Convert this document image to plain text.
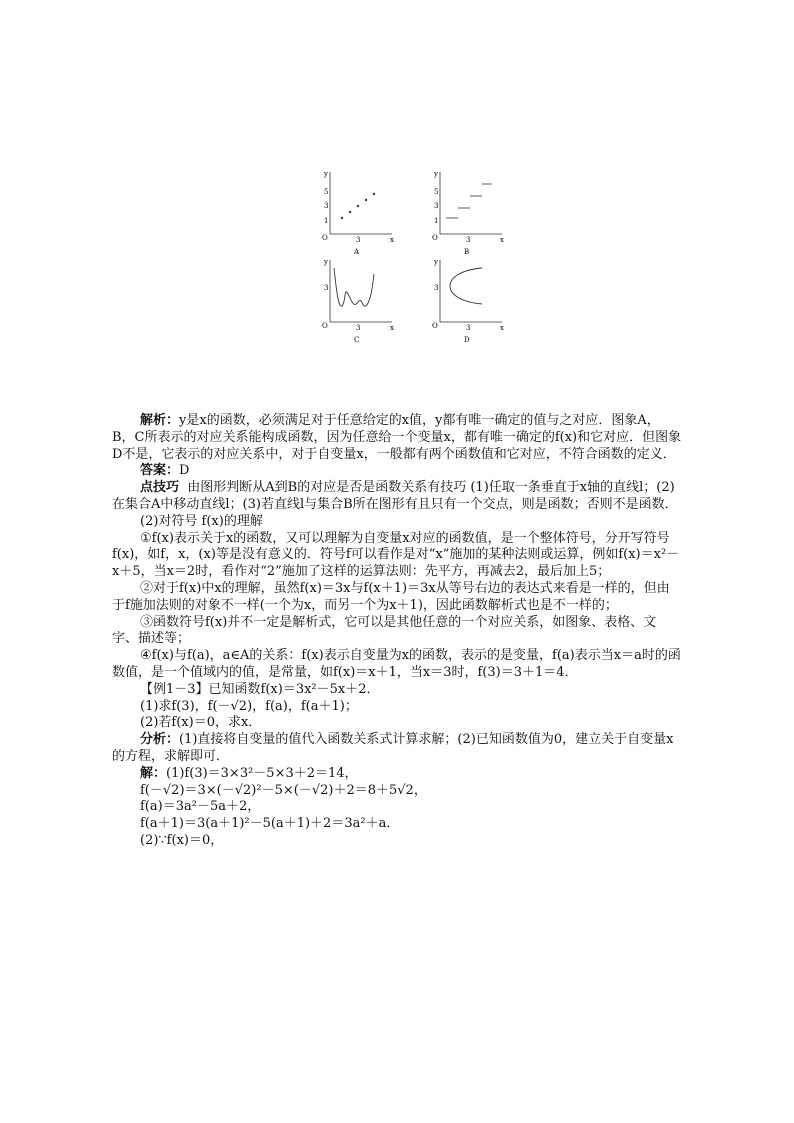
y
x
O
5
3
1
3
A
y
x
O
5
3
1
3
B
y
x
O
3
3
C
y
x
O
3
3
D

解析：y是x的函数，必须满足对于任意给定的x值，y都有唯一确定的值与之对应．图象A，B，C所表示的对应关系能构成函数，因为任意给一个变量x，都有唯一确定的f(x)和它对应．但图象D不是，它表示的对应关系中，对于自变量x，一般都有两个函数值和它对应，不符合函数的定义．

答案：D

点技巧 由图形判断从A到B的对应是否是函数关系有技巧 (1)任取一条垂直于x轴的直线l；(2)在集合A中移动直线l；(3)若直线l与集合B所在图形有且只有一个交点，则是函数；否则不是函数．

(2)对符号 f(x)的理解

①f(x)表示关于x的函数，又可以理解为自变量x对应的函数值，是一个整体符号，分开写符号f(x)，如f，x，(x)等是没有意义的．符号f可以看作是对“x”施加的某种法则或运算，例如f(x)＝x²－x＋5，当x＝2时，看作对“2”施加了这样的运算法则：先平方，再减去2，最后加上5；

②对于f(x)中x的理解，虽然f(x)＝3x与f(x＋1)＝3x从等号右边的表达式来看是一样的，但由于f施加法则的对象不一样(一个为x，而另一个为x＋1)，因此函数解析式也是不一样的；

③函数符号f(x)并不一定是解析式，它可以是其他任意的一个对应关系，如图象、表格、文字、描述等；

④f(x)与f(a)，a∈A的关系：f(x)表示自变量为x的函数，表示的是变量，f(a)表示当x＝a时的函数值，是一个值域内的值，是常量，如f(x)＝x＋1，当x＝3时，f(3)＝3＋1＝4．

【例1－3】已知函数f(x)＝3x²－5x＋2．

(1)求f(3)，f(－√2)，f(a)，f(a＋1)；

(2)若f(x)＝0，求x．

分析：(1)直接将自变量的值代入函数关系式计算求解；(2)已知函数值为0，建立关于自变量x的方程，求解即可．

解：(1)f(3)＝3×3²－5×3＋2＝14，

f(－√2)＝3×(－√2)²－5×(－√2)＋2＝8＋5√2，

f(a)＝3a²－5a＋2，

f(a＋1)＝3(a＋1)²－5(a＋1)＋2＝3a²＋a．

(2)∵f(x)＝0，
